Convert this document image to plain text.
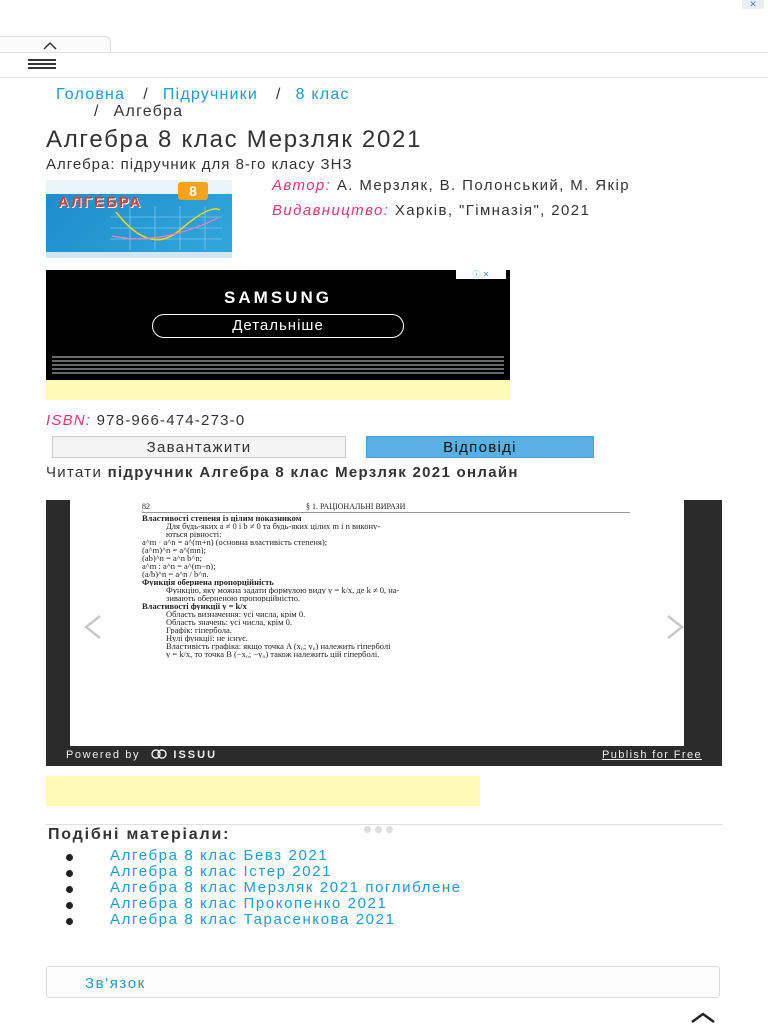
✕
Головна / Підручники / 8 клас
/ Алгебра
Алгебра 8 клас Мерзляк 2021
Алгебра: підручник для 8-го класу ЗНЗ
8
АЛГЕБРА

Автор: А. Мерзляк, В. Полонський, М. Якір

Видавництво: Харків, "Гімназія", 2021

ⓘ ✕
SAMSUNG
Детальніше
ISBN: 978-966-474-273-0
Завантажити	Відповіді
Читати підручник Алгебра 8 клас Мерзляк 2021 онлайн
82	§ 1. РАЦІОНАЛЬНІ ВИРАЗИ

Властивості степеня із цілим показником

Для будь-яких a ≠ 0 і b ≠ 0 та будь-яких цілих m і n викону-

ються рівності:

a^m · a^n = a^(m+n) (основна властивість степеня);

(a^m)^n = a^(mn);

(ab)^n = a^n b^n;

a^m : a^n = a^(m−n);

(a/b)^n = a^n / b^n.

Функція обернена пропорційність

Функцію, яку можна задати формулою виду y = k/x, де k ≠ 0, на-

зивають оберненою пропорційністю.

Властивості функції y = k/x

Область визначення: усі числа, крім 0.

Область значень: усі числа, крім 0.

Графік: гіпербола.

Нулі функції: не існує.

Властивість графіка: якщо точка A (x₀; y₀) належить гіперболі

y = k/x, то точка B (−x₀; −y₀) також належить цій гіперболі.

Powered by	ISSUU	Publish for Free
Подібні матеріали:
Алгебра 8 клас Бевз 2021
Алгебра 8 клас Істер 2021
Алгебра 8 клас Мерзляк 2021 поглиблене
Алгебра 8 клас Прокопенко 2021
Алгебра 8 клас Тарасенкова 2021
Зв'язок
